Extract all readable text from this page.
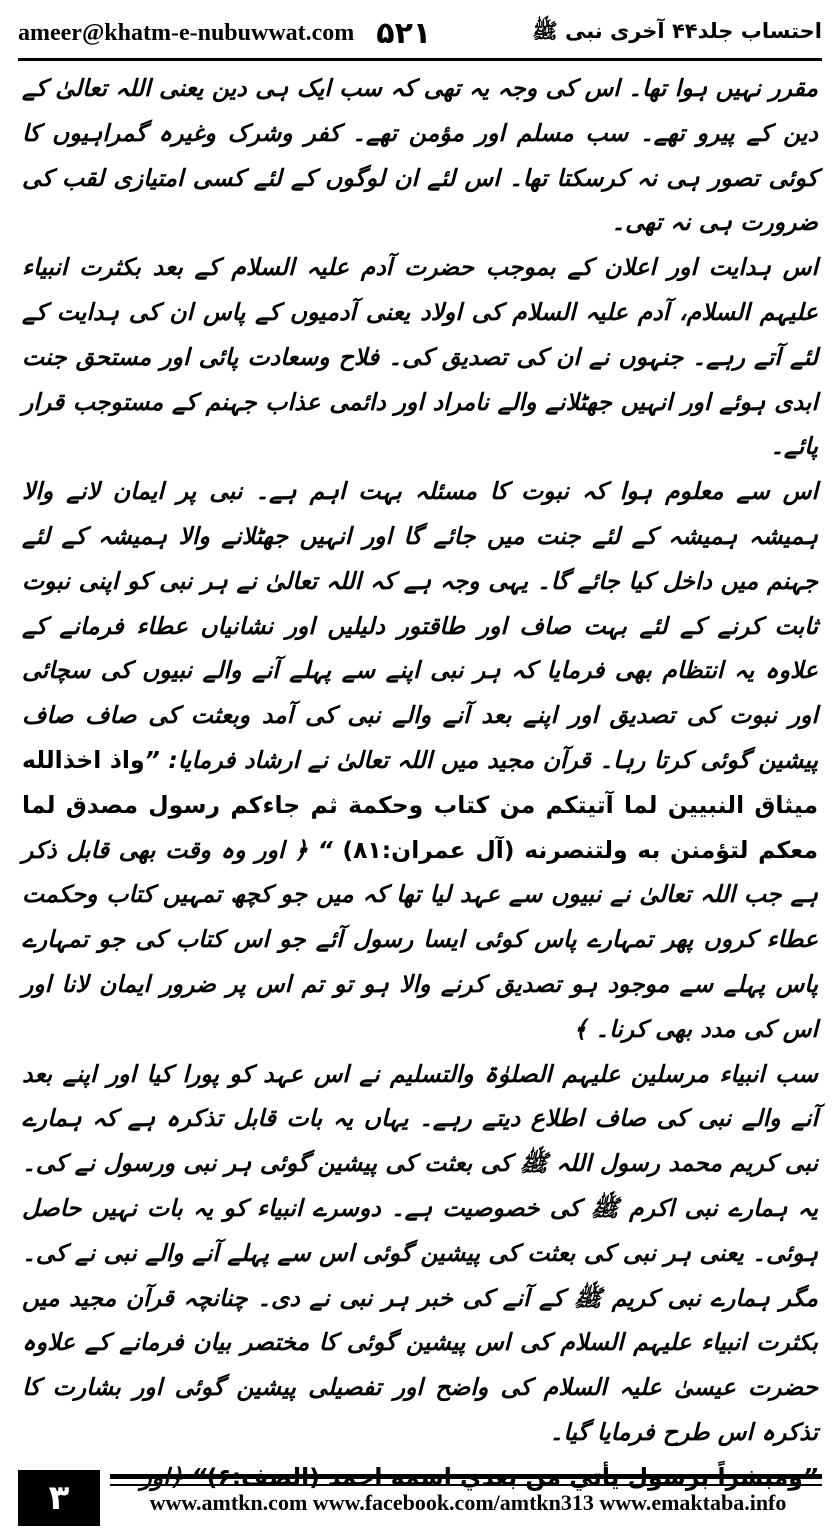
ameer@khatm-e-nubuwwat.com ۵۲۱	احتساب جلد۴۴ آخری نبی ﷺ

مقرر نہیں ہوا تھا۔ اس کی وجہ یہ تھی کہ سب ایک ہی دین یعنی اللہ تعالیٰ کے دین کے پیرو تھے۔ سب مسلم اور مؤمن تھے۔ کفر وشرک وغیرہ گمراہیوں کا کوئی تصور ہی نہ کرسکتا تھا۔ اس لئے ان لوگوں کے لئے کسی امتیازی لقب کی ضرورت ہی نہ تھی۔

اس ہدایت اور اعلان کے بموجب حضرت آدم علیہ السلام کے بعد بکثرت انبیاء علیہم السلام، آدم علیہ السلام کی اولاد یعنی آدمیوں کے پاس ان کی ہدایت کے لئے آتے رہے۔ جنہوں نے ان کی تصدیق کی۔ فلاح وسعادت پائی اور مستحق جنت ابدی ہوئے اور انہیں جھٹلانے والے نامراد اور دائمی عذاب جہنم کے مستوجب قرار پائے۔

اس سے معلوم ہوا کہ نبوت کا مسئلہ بہت اہم ہے۔ نبی پر ایمان لانے والا ہمیشہ ہمیشہ کے لئے جنت میں جائے گا اور انہیں جھٹلانے والا ہمیشہ کے لئے جہنم میں داخل کیا جائے گا۔ یہی وجہ ہے کہ اللہ تعالیٰ نے ہر نبی کو اپنی نبوت ثابت کرنے کے لئے بہت صاف اور طاقتور دلیلیں اور نشانیاں عطاء فرمانے کے علاوہ یہ انتظام بھی فرمایا کہ ہر نبی اپنے سے پہلے آنے والے نبیوں کی سچائی اور نبوت کی تصدیق اور اپنے بعد آنے والے نبی کی آمد وبعثت کی صاف صاف پیشین گوئی کرتا رہا۔ قرآن مجید میں اللہ تعالیٰ نے ارشاد فرمایا: ”واذ اخذالله ميثاق النبيين لما آتيتكم من كتاب وحكمة ثم جاءكم رسول مصدق لما معكم لتؤمنن به ولتنصرنه (آل عمران:۸۱) “ ﴿ اور وہ وقت بھی قابل ذکر ہے جب اللہ تعالیٰ نے نبیوں سے عہد لیا تھا کہ میں جو کچھ تمہیں کتاب وحکمت عطاء کروں پھر تمہارے پاس کوئی ایسا رسول آئے جو اس کتاب کی جو تمہارے پاس پہلے سے موجود ہو تصدیق کرنے والا ہو تو تم اس پر ضرور ایمان لانا اور اس کی مدد بھی کرنا۔ ﴾

سب انبیاء مرسلین علیہم الصلوٰۃ والتسلیم نے اس عہد کو پورا کیا اور اپنے بعد آنے والے نبی کی صاف اطلاع دیتے رہے۔ یہاں یہ بات قابل تذکرہ ہے کہ ہمارے نبی کریم محمد رسول اللہ ﷺ کی بعثت کی پیشین گوئی ہر نبی ورسول نے کی۔ یہ ہمارے نبی اکرم ﷺ کی خصوصیت ہے۔ دوسرے انبیاء کو یہ بات نہیں حاصل ہوئی۔ یعنی ہر نبی کی بعثت کی پیشین گوئی اس سے پہلے آنے والے نبی نے کی۔ مگر ہمارے نبی کریم ﷺ کے آنے کی خبر ہر نبی نے دی۔ چنانچہ قرآن مجید میں بکثرت انبیاء علیہم السلام کی اس پیشین گوئی کا مختصر بیان فرمانے کے علاوہ حضرت عیسیٰ علیہ السلام کی واضح اور تفصیلی پیشین گوئی اور بشارت کا تذکرہ اس طرح فرمایا گیا۔

”ومبشراً برسول يأتي من بعدي اسمه احمد (الصف:۶)“ ﴿اور

۳	www.amtkn.com www.facebook.com/amtkn313 www.emaktaba.info
